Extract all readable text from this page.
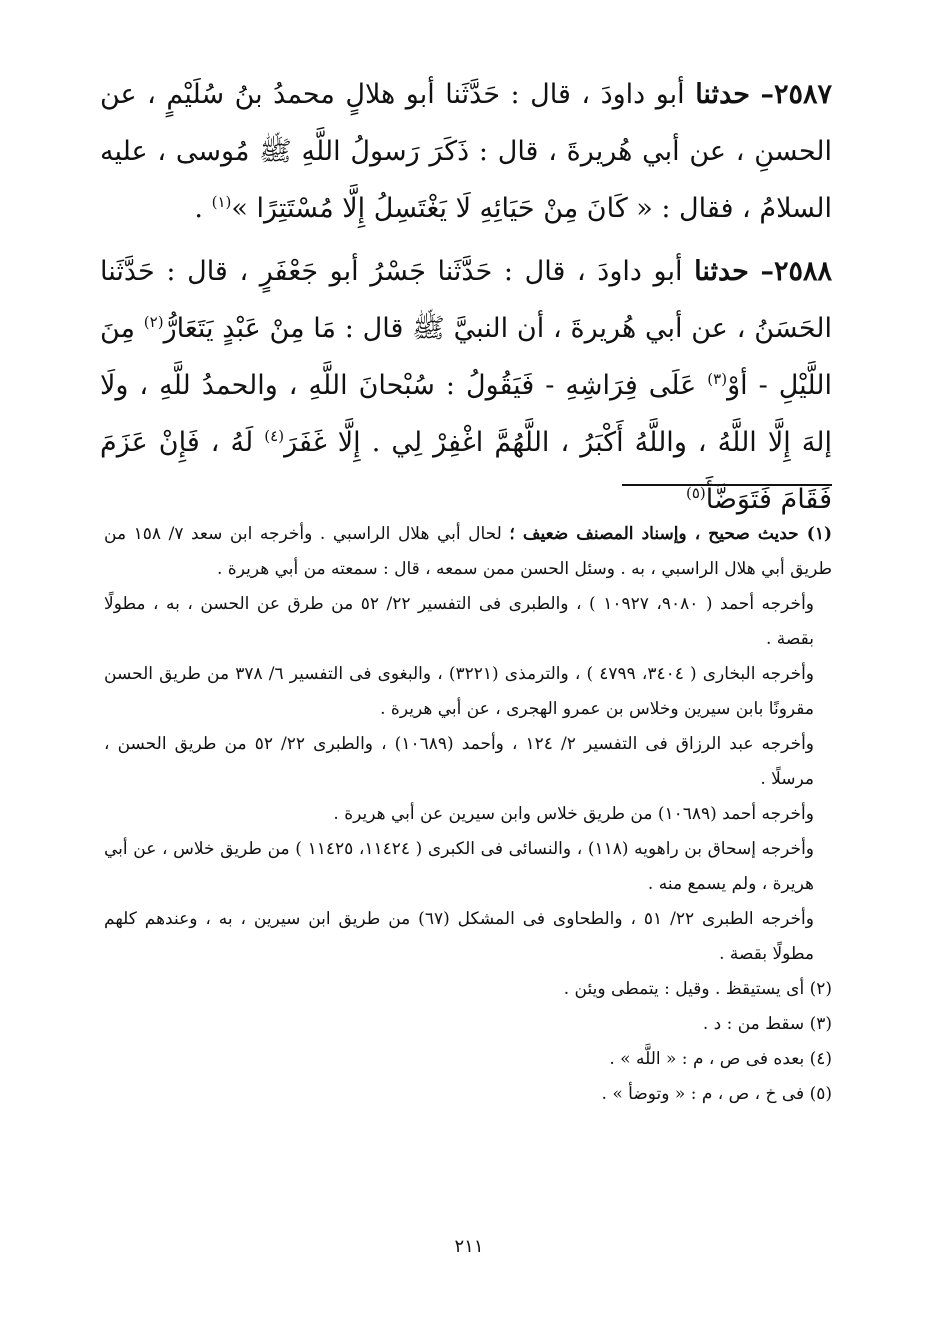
٢٥٨٧– حدثنا أبو داودَ ، قال : حَدَّثَنا أبو هلالٍ محمدُ بنُ سُلَيْمٍ ، عن الحسنِ ، عن أبي هُريرةَ ، قال : ذَكَرَ رَسولُ اللَّهِ ﷺ مُوسى ، عليه السلامُ ، فقال : « كَانَ مِنْ حَيَائِهِ لَا يَغْتَسِلُ إِلَّا مُسْتَتِرًا »$^{(١)}$ .

٢٥٨٨– حدثنا أبو داودَ ، قال : حَدَّثَنا جَسْرُ أبو جَعْفَرٍ ، قال : حَدَّثَنا الحَسَنُ ، عن أبي هُريرةَ ، أن النبيَّ ﷺ قال : مَا مِنْ عَبْدٍ يَتَعَارُّ$^{(٢)}$ مِنَ اللَّيْلِ - أوْ$^{(٣)}$ عَلَى فِرَاشِهِ - فَيَقُولُ : سُبْحانَ اللَّهِ ، والحمدُ للَّهِ ، ولَا إلهَ إِلَّا اللَّهُ ، واللَّهُ أَكْبَرُ ، اللَّهُمَّ اغْفِرْ لِي . إِلَّا غَفَرَ$^{(٤)}$ لَهُ ، فَإِنْ عَزَمَ فَقَامَ فَتَوَضَّأَ$^{(٥)}$

(١) حديث صحيح ، وإسناد المصنف ضعيف ؛ لحال أبي هلال الراسبي . وأخرجه ابن سعد ٧/ ١٥٨ من طريق أبي هلال الراسبي ، به . وسئل الحسن ممن سمعه ، قال : سمعته من أبي هريرة .

وأخرجه أحمد ( ٩٠٨٠، ١٠٩٢٧ ) ، والطبرى فى التفسير ٢٢/ ٥٢ من طرق عن الحسن ، به ، مطولًا بقصة .

وأخرجه البخارى ( ٣٤٠٤، ٤٧٩٩ ) ، والترمذى (٣٢٢١) ، والبغوى فى التفسير ٦/ ٣٧٨ من طريق الحسن مقرونًا بابن سيرين وخلاس بن عمرو الهجرى ، عن أبي هريرة .

وأخرجه عبد الرزاق فى التفسير ٢/ ١٢٤ ، وأحمد (١٠٦٨٩) ، والطبرى ٢٢/ ٥٢ من طريق الحسن ، مرسلًا .

وأخرجه أحمد (١٠٦٨٩) من طريق خلاس وابن سيرين عن أبي هريرة .

وأخرجه إسحاق بن راهويه (١١٨) ، والنسائى فى الكبرى ( ١١٤٢٤، ١١٤٢٥ ) من طريق خلاس ، عن أبي هريرة ، ولم يسمع منه .

وأخرجه الطبرى ٢٢/ ٥١ ، والطحاوى فى المشكل (٦٧) من طريق ابن سيرين ، به ، وعندهم كلهم مطولًا بقصة .

(٢) أى يستيقظ . وقيل : يتمطى ويئن .

(٣) سقط من : د .

(٤) بعده فى ص ، م : « اللَّه » .

(٥) فى خ ، ص ، م : « وتوضأ » .

٢١١
